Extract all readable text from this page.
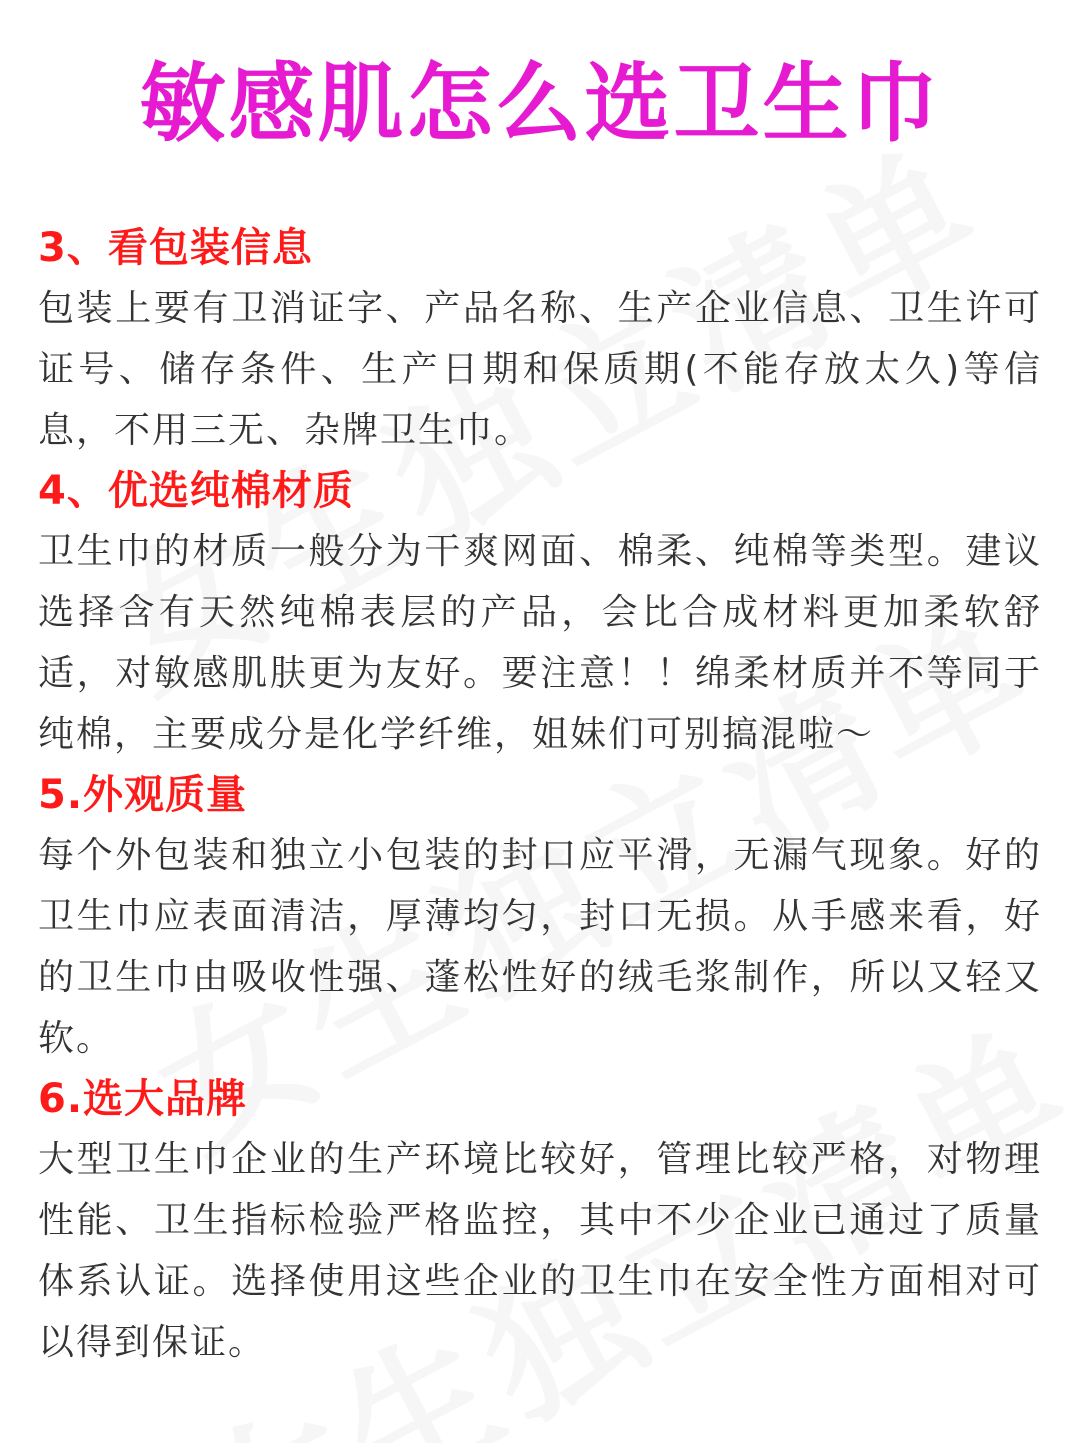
敏感肌怎么选卫生巾
3、看包装信息

包装上要有卫消证字、产品名称、生产企业信息、卫生许可证号、储存条件、生产日期和保质期(不能存放太久)等信息，不用三无、杂牌卫生巾。

4、优选纯棉材质

卫生巾的材质一般分为干爽网面、棉柔、纯棉等类型。建议选择含有天然纯棉表层的产品，会比合成材料更加柔软舒适，对敏感肌肤更为友好。要注意！！绵柔材质并不等同于纯棉，主要成分是化学纤维，姐妹们可别搞混啦～

5.外观质量

每个外包装和独立小包装的封口应平滑，无漏气现象。好的卫生巾应表面清洁，厚薄均匀，封口无损。从手感来看，好的卫生巾由吸收性强、蓬松性好的绒毛浆制作，所以又轻又软。

6.选大品牌

大型卫生巾企业的生产环境比较好，管理比较严格，对物理性能、卫生指标检验严格监控，其中不少企业已通过了质量体系认证。选择使用这些企业的卫生巾在安全性方面相对可以得到保证。
